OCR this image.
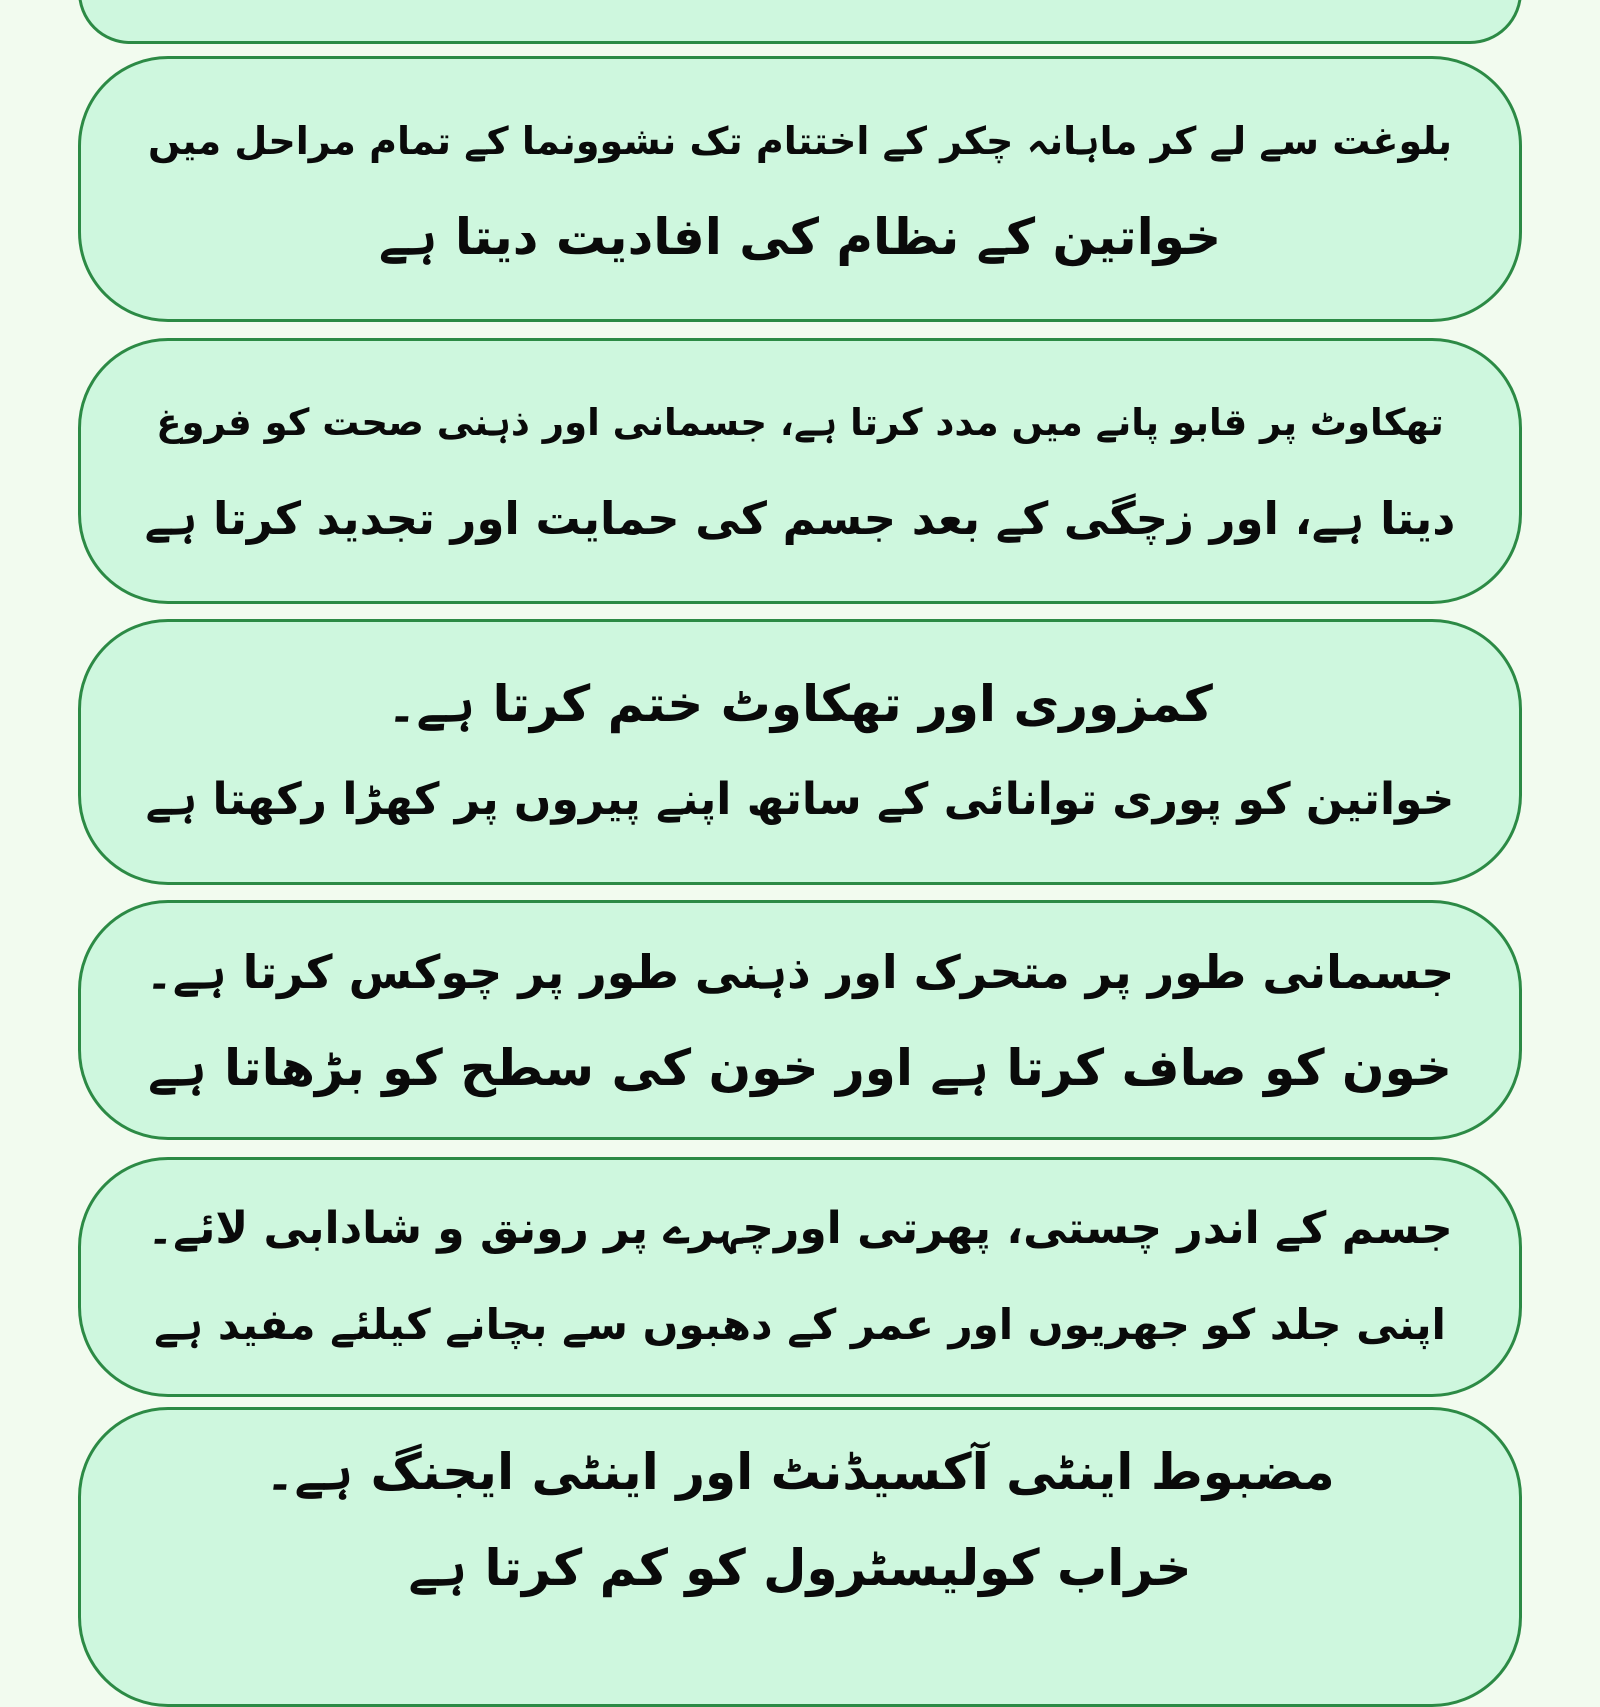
بلوغت سے لے کر ماہانہ چکر کے اختتام تک نشوونما کے تمام مراحل میں
خواتین کے نظام کی افادیت دیتا ہے
تھکاوٹ پر قابو پانے میں مدد کرتا ہے، جسمانی اور ذہنی صحت کو فروغ
دیتا ہے، اور زچگی کے بعد جسم کی حمایت اور تجدید کرتا ہے
کمزوری اور تھکاوٹ ختم کرتا ہے۔
خواتین کو پوری توانائی کے ساتھ اپنے پیروں پر کھڑا رکھتا ہے
جسمانی طور پر متحرک اور ذہنی طور پر چوکس کرتا ہے۔
خون کو صاف کرتا ہے اور خون کی سطح کو بڑھاتا ہے
جسم کے اندر چستی، پھرتی اورچہرے پر رونق و شادابی لائے۔
اپنی جلد کو جھریوں اور عمر کے دھبوں سے بچانے کیلئے مفید ہے
مضبوط اینٹی آکسیڈنٹ اور اینٹی ایجنگ ہے۔
خراب کولیسٹرول کو کم کرتا ہے
